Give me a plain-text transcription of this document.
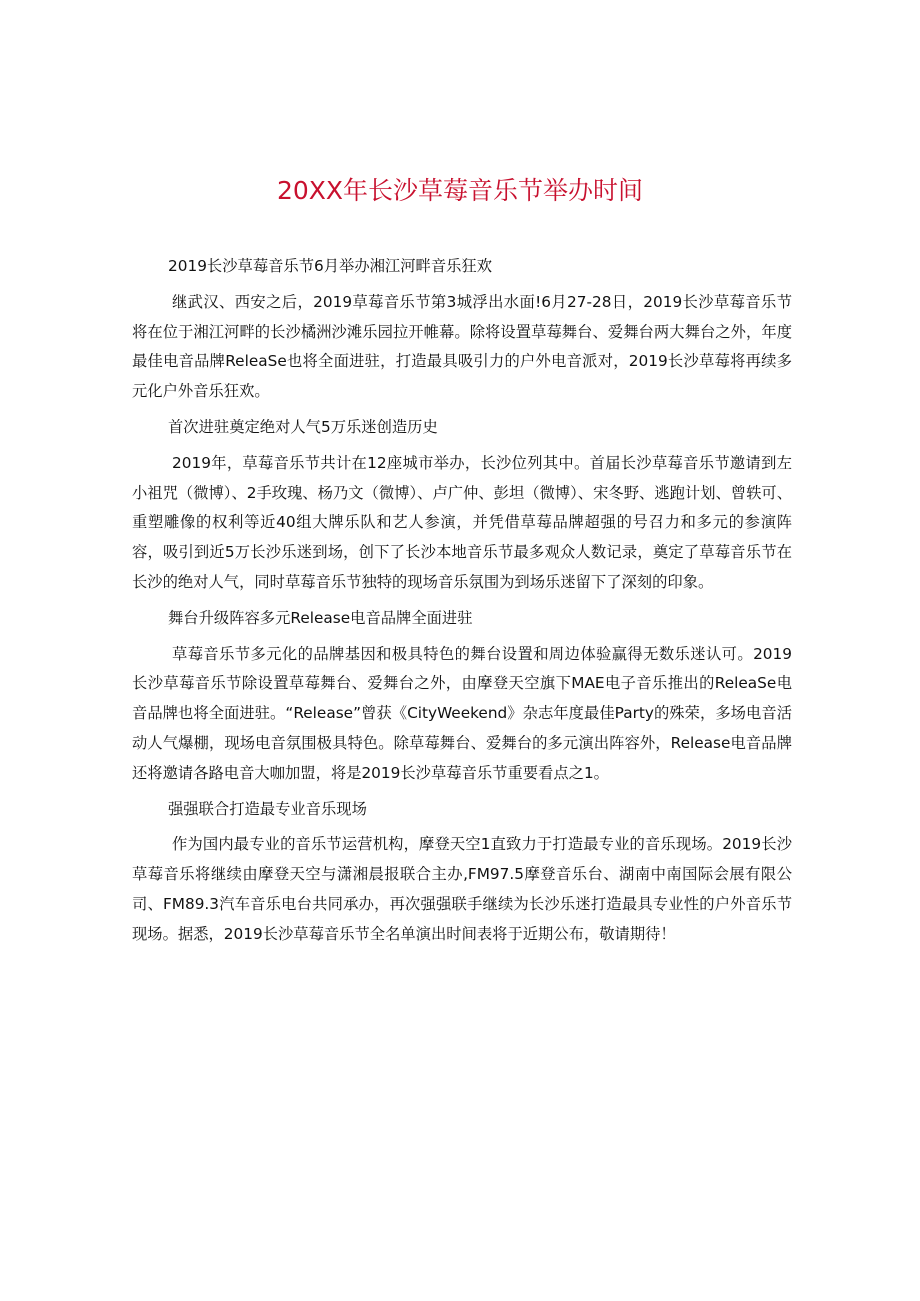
20XX年长沙草莓音乐节举办时间

2019长沙草莓音乐节6月举办湘江河畔音乐狂欢

继武汉、西安之后，2019草莓音乐节第3城浮出水面!6月27-28日，2019长沙草莓音乐节将在位于湘江河畔的长沙橘洲沙滩乐园拉开帷幕。除将设置草莓舞台、爱舞台两大舞台之外，年度最佳电音品牌ReleaSe也将全面进驻，打造最具吸引力的户外电音派对，2019长沙草莓将再续多元化户外音乐狂欢。

首次进驻奠定绝对人气5万乐迷创造历史

2019年，草莓音乐节共计在12座城市举办，长沙位列其中。首届长沙草莓音乐节邀请到左小祖咒（微博）、2手玫瑰、杨乃文（微博）、卢广仲、彭坦（微博）、宋冬野、逃跑计划、曾轶可、重塑雕像的权利等近40组大牌乐队和艺人参演，并凭借草莓品牌超强的号召力和多元的参演阵容，吸引到近5万长沙乐迷到场，创下了长沙本地音乐节最多观众人数记录，奠定了草莓音乐节在长沙的绝对人气，同时草莓音乐节独特的现场音乐氛围为到场乐迷留下了深刻的印象。

舞台升级阵容多元Release电音品牌全面进驻

草莓音乐节多元化的品牌基因和极具特色的舞台设置和周边体验赢得无数乐迷认可。2019长沙草莓音乐节除设置草莓舞台、爱舞台之外，由摩登天空旗下MAE电子音乐推出的ReleaSe电音品牌也将全面进驻。“Release”曾获《CityWeekend》杂志年度最佳Party的殊荣，多场电音活动人气爆棚，现场电音氛围极具特色。除草莓舞台、爱舞台的多元演出阵容外，Release电音品牌还将邀请各路电音大咖加盟，将是2019长沙草莓音乐节重要看点之1。

强强联合打造最专业音乐现场

作为国内最专业的音乐节运营机构，摩登天空1直致力于打造最专业的音乐现场。2019长沙草莓音乐将继续由摩登天空与潇湘晨报联合主办,FM97.5摩登音乐台、湖南中南国际会展有限公司、FM89.3汽车音乐电台共同承办，再次强强联手继续为长沙乐迷打造最具专业性的户外音乐节现场。据悉，2019长沙草莓音乐节全名单演出时间表将于近期公布，敬请期待！
